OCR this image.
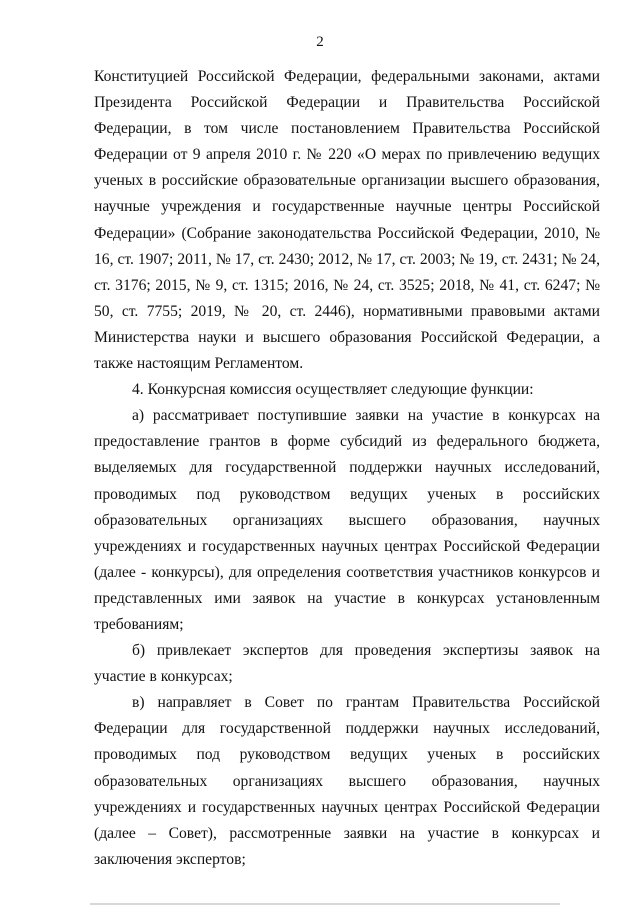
2

Конституцией Российской Федерации, федеральными законами, актами Президента Российской Федерации и Правительства Российской Федерации, в том числе постановлением Правительства Российской Федерации от 9 апреля 2010 г. № 220 «О мерах по привлечению ведущих ученых в российские образовательные организации высшего образования, научные учреждения и государственные научные центры Российской Федерации» (Собрание законодательства Российской Федерации, 2010, № 16, ст. 1907; 2011, № 17, ст. 2430; 2012, № 17, ст. 2003; № 19, ст. 2431; № 24, ст. 3176; 2015, № 9, ст. 1315; 2016, № 24, ст. 3525; 2018, № 41, ст. 6247; № 50, ст. 7755; 2019, № 20, ст. 2446), нормативными правовыми актами Министерства науки и высшего образования Российской Федерации, а также настоящим Регламентом.

4. Конкурсная комиссия осуществляет следующие функции:

а) рассматривает поступившие заявки на участие в конкурсах на предоставление грантов в форме субсидий из федерального бюджета, выделяемых для государственной поддержки научных исследований, проводимых под руководством ведущих ученых в российских образовательных организациях высшего образования, научных учреждениях и государственных научных центрах Российской Федерации (далее - конкурсы), для определения соответствия участников конкурсов и представленных ими заявок на участие в конкурсах установленным требованиям;

б) привлекает экспертов для проведения экспертизы заявок на участие в конкурсах;

в) направляет в Совет по грантам Правительства Российской Федерации для государственной поддержки научных исследований, проводимых под руководством ведущих ученых в российских образовательных организациях высшего образования, научных учреждениях и государственных научных центрах Российской Федерации (далее – Совет), рассмотренные заявки на участие в конкурсах и заключения экспертов;
